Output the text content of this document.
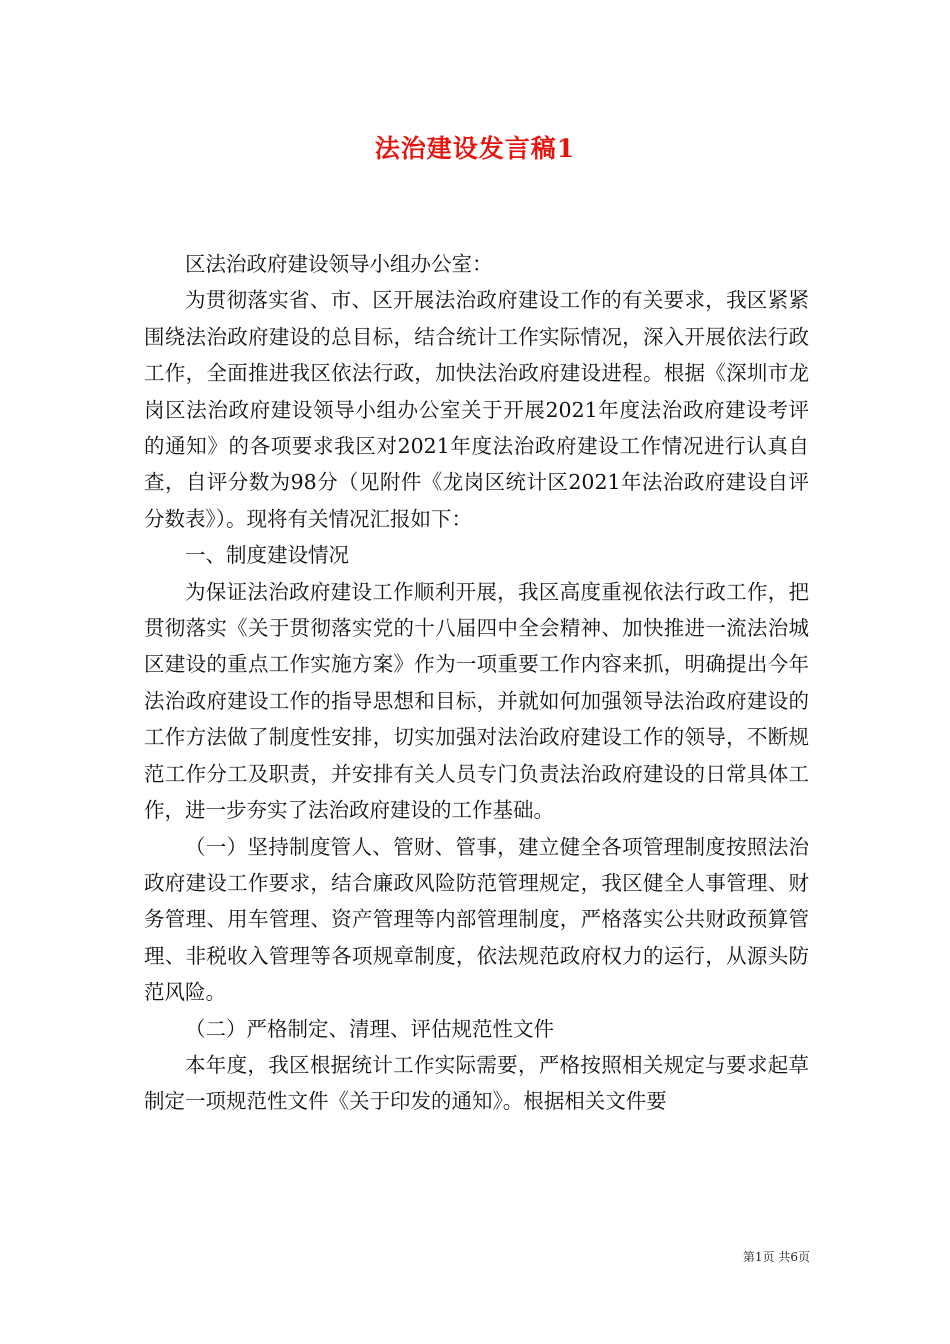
法治建设发言稿1

区法治政府建设领导小组办公室：

为贯彻落实省、市、区开展法治政府建设工作的有关要求，我区紧紧围绕法治政府建设的总目标，结合统计工作实际情况，深入开展依法行政工作，全面推进我区依法行政，加快法治政府建设进程。根据《深圳市龙岗区法治政府建设领导小组办公室关于开展2021年度法治政府建设考评的通知》的各项要求我区对2021年度法治政府建设工作情况进行认真自查，自评分数为98分（见附件《龙岗区统计区2021年法治政府建设自评分数表》）。现将有关情况汇报如下：

一、制度建设情况

为保证法治政府建设工作顺利开展，我区高度重视依法行政工作，把贯彻落实《关于贯彻落实党的十八届四中全会精神、加快推进一流法治城区建设的重点工作实施方案》作为一项重要工作内容来抓，明确提出今年法治政府建设工作的指导思想和目标，并就如何加强领导法治政府建设的工作方法做了制度性安排，切实加强对法治政府建设工作的领导，不断规范工作分工及职责，并安排有关人员专门负责法治政府建设的日常具体工作，进一步夯实了法治政府建设的工作基础。

（一）坚持制度管人、管财、管事，建立健全各项管理制度按照法治政府建设工作要求，结合廉政风险防范管理规定，我区健全人事管理、财务管理、用车管理、资产管理等内部管理制度，严格落实公共财政预算管理、非税收入管理等各项规章制度，依法规范政府权力的运行，从源头防范风险。

（二）严格制定、清理、评估规范性文件

本年度，我区根据统计工作实际需要，严格按照相关规定与要求起草制定一项规范性文件《关于印发的通知》。根据相关文件要

第1页 共6页
